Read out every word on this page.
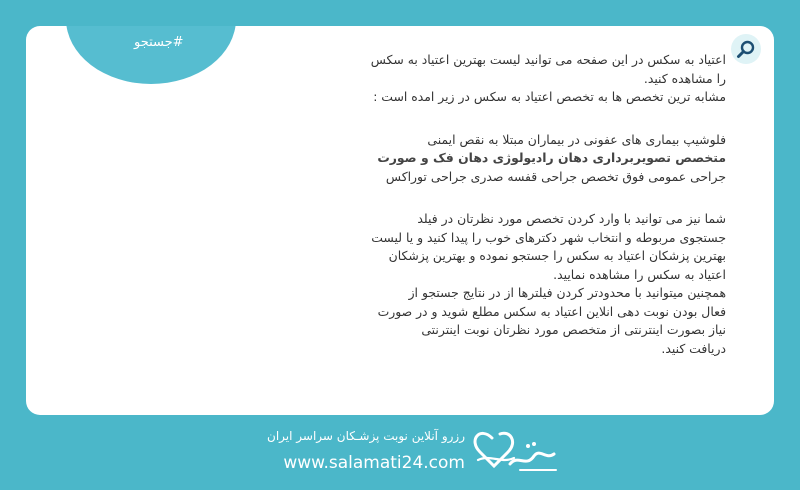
#جستجو

اعتیاد به سکس در این صفحه می توانید لیست بهترین اعتیاد به سکس

را مشاهده کنید.

مشابه ترین تخصص ها به تخصص اعتیاد به سکس در زیر امده است :

فلوشیپ بیماری های عفونی در بیماران مبتلا به نقص ایمنی

متخصص تصویربرداری دهان رادیولوژی دهان فک و صورت

جراحی عمومی فوق تخصص جراحی قفسه صدری جراحی توراکس

شما نیز می توانید با وارد کردن تخصص مورد نظرتان در فیلد

جستجوی مربوطه و انتخاب شهر دکترهای خوب را پیدا کنید و یا لیست

بهترین پزشکان اعتیاد به سکس را جستجو نموده و بهترین پزشکان

اعتیاد به سکس را مشاهده نمایید.

همچنین میتوانید با محدودتر کردن فیلترها از در نتایج جستجو از

فعال بودن نوبت دهی انلاین اعتیاد به سکس مطلع شوید و در صورت

نیاز بصورت اینترنتی از متخصص مورد نظرتان نوبت اینترنتی

دریافت کنید.

رزرو آنلاین نوبت پزشـکان سراسر ایران
www.salamati24.com
